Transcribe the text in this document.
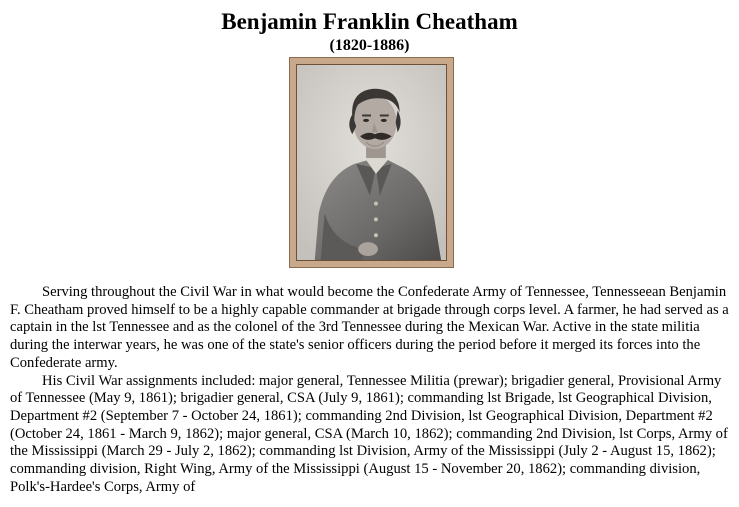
Benjamin Franklin Cheatham
(1820-1886)

Serving throughout the Civil War in what would become the Confederate Army of Tennessee, Tennesseean Benjamin F. Cheatham proved himself to be a highly capable commander at brigade through corps level. A farmer, he had served as a captain in the lst Tennessee and as the colonel of the 3rd Tennessee during the Mexican War. Active in the state militia during the interwar years, he was one of the state's senior officers during the period before it merged its forces into the Confederate army.

His Civil War assignments included: major general, Tennessee Militia (prewar); brigadier general, Provisional Army of Tennessee (May 9, 1861); brigadier general, CSA (July 9, 1861); commanding lst Brigade, lst Geographical Division, Department #2 (September 7 - October 24, 1861); commanding 2nd Division, lst Geographical Division, Department #2 (October 24, 1861 - March 9, 1862); major general, CSA (March 10, 1862); commanding 2nd Division, lst Corps, Army of the Mississippi (March 29 - July 2, 1862); commanding lst Division, Army of the Mississippi (July 2 - August 15, 1862); commanding division, Right Wing, Army of the Mississippi (August 15 - November 20, 1862); commanding division, Polk's-Hardee's Corps, Army of
